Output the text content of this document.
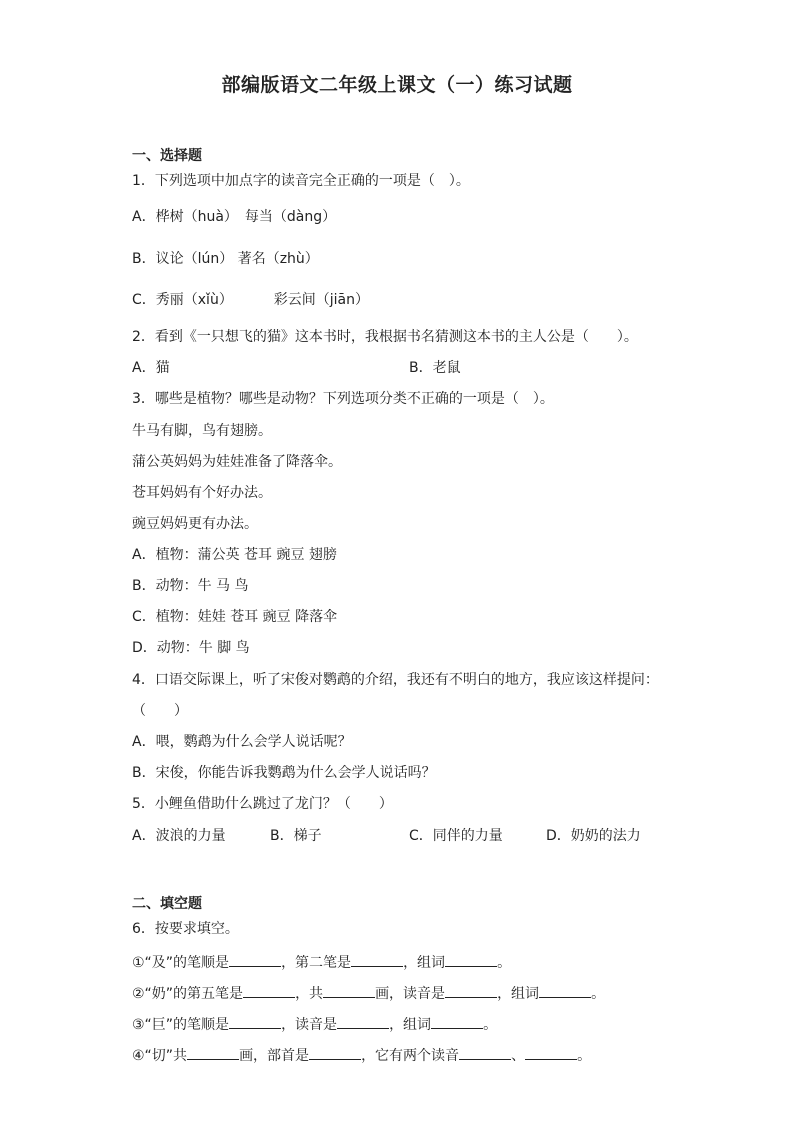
部编版语文二年级上课文（一）练习试题
一、选择题
1．下列选项中加点字的读音完全正确的一项是（　）。
A．桦树（huà）　每当（dàng）
B．议论（lún） 著名（zhù）
C．秀丽（xǐù）	彩云间（jiān）
2．看到《一只想飞的猫》这本书时，我根据书名猜测这本书的主人公是（　　）。
A．猫	B．老鼠
3．哪些是植物？哪些是动物？下列选项分类不正确的一项是（　）。
牛马有脚，鸟有翅膀。
蒲公英妈妈为娃娃准备了降落伞。
苍耳妈妈有个好办法。
豌豆妈妈更有办法。
A．植物：蒲公英 苍耳 豌豆 翅膀
B．动物：牛 马 鸟
C．植物：娃娃 苍耳 豌豆 降落伞
D．动物：牛 脚 鸟
4．口语交际课上，听了宋俊对鹦鹉的介绍，我还有不明白的地方，我应该这样提问：
（　　）
A．喂，鹦鹉为什么会学人说话呢？
B．宋俊，你能告诉我鹦鹉为什么会学人说话吗？
5．小鲤鱼借助什么跳过了龙门？（　　）
A．波浪的力量	B．梯子	C．同伴的力量	D．奶奶的法力
二、填空题
6．按要求填空。
①“及”的笔顺是	，第二笔是	，组词	。
②“奶”的第五笔是	，共	画，读音是	，组词	。
③“巨”的笔顺是	，读音是	，组词	。
④“切”共	画，部首是	，它有两个读音	、	。
